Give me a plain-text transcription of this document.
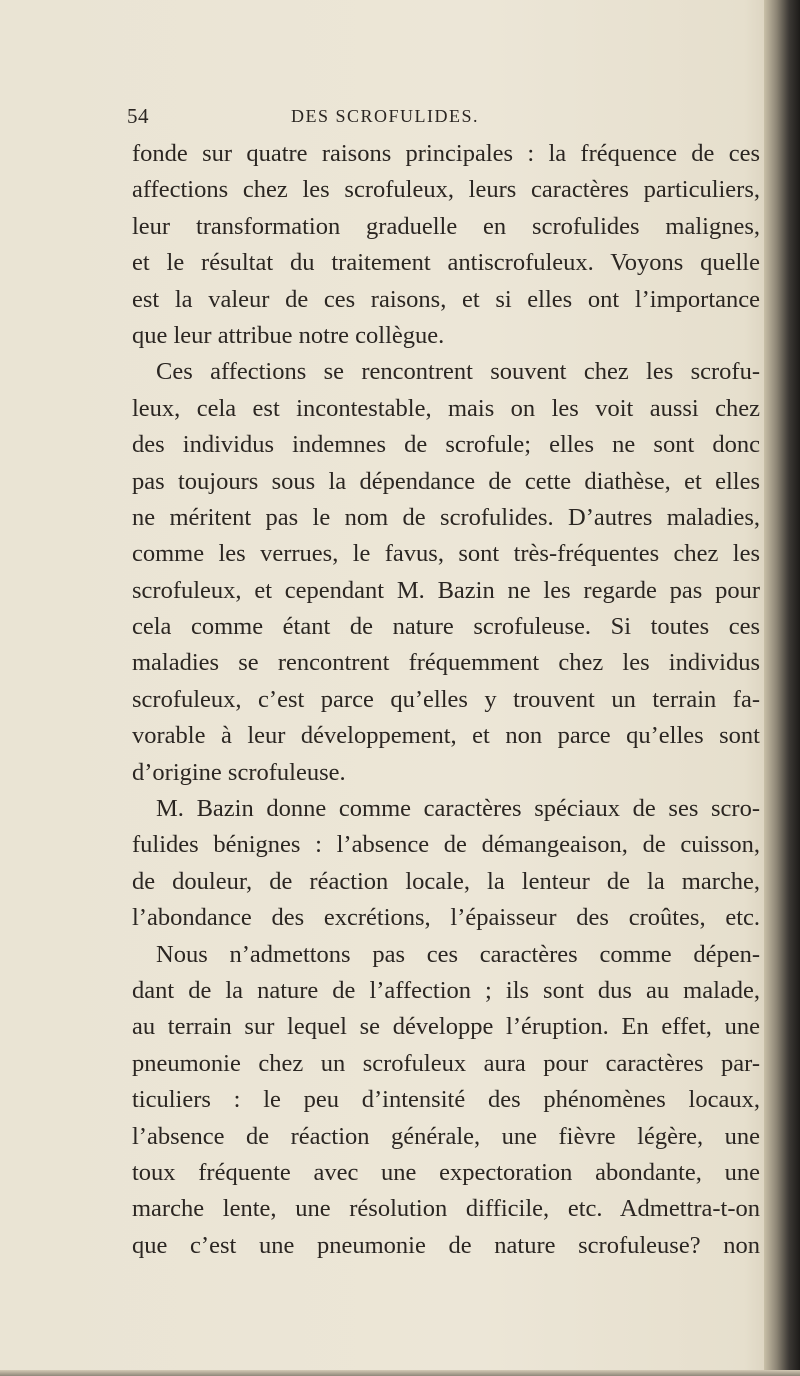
54	DES SCROFULIDES.
fonde sur quatre raisons principales : la fréquence de ces
affections chez les scrofuleux, leurs caractères particuliers,
leur transformation graduelle en scrofulides malignes,
et le résultat du traitement antiscrofuleux. Voyons quelle
est la valeur de ces raisons, et si elles ont l’importance
que leur attribue notre collègue.
Ces affections se rencontrent souvent chez les scrofu-
leux, cela est incontestable, mais on les voit aussi chez
des individus indemnes de scrofule; elles ne sont donc
pas toujours sous la dépendance de cette diathèse, et elles
ne méritent pas le nom de scrofulides. D’autres maladies,
comme les verrues, le favus, sont très-fréquentes chez les
scrofuleux, et cependant M. Bazin ne les regarde pas pour
cela comme étant de nature scrofuleuse. Si toutes ces
maladies se rencontrent fréquemment chez les individus
scrofuleux, c’est parce qu’elles y trouvent un terrain fa-
vorable à leur développement, et non parce qu’elles sont
d’origine scrofuleuse.
M. Bazin donne comme caractères spéciaux de ses scro-
fulides bénignes : l’absence de démangeaison, de cuisson,
de douleur, de réaction locale, la lenteur de la marche,
l’abondance des excrétions, l’épaisseur des croûtes, etc.
Nous n’admettons pas ces caractères comme dépen-
dant de la nature de l’affection ; ils sont dus au malade,
au terrain sur lequel se développe l’éruption. En effet, une
pneumonie chez un scrofuleux aura pour caractères par-
ticuliers : le peu d’intensité des phénomènes locaux,
l’absence de réaction générale, une fièvre légère, une
toux fréquente avec une expectoration abondante, une
marche lente, une résolution difficile, etc. Admettra-t-on
que c’est une pneumonie de nature scrofuleuse? non
